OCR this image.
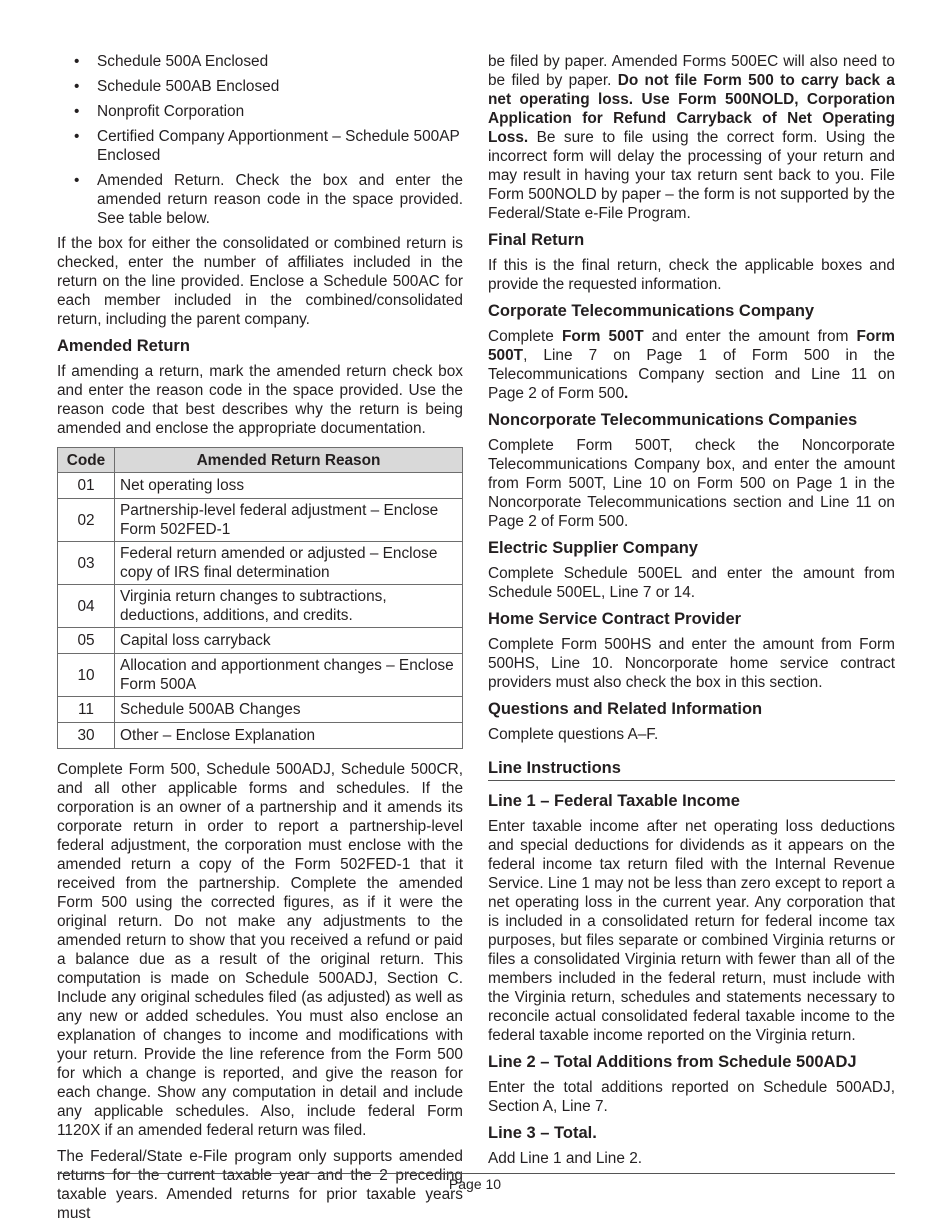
• Schedule 500A Enclosed
• Schedule 500AB Enclosed
• Nonprofit Corporation
• Certified Company Apportionment – Schedule 500AP Enclosed
• Amended Return. Check the box and enter the amended return reason code in the space provided. See table below.

If the box for either the consolidated or combined return is checked, enter the number of affiliates included in the return on the line provided. Enclose a Schedule 500AC for each member included in the combined/consolidated return, including the parent company.

Amended Return

If amending a return, mark the amended return check box and enter the reason code in the space provided. Use the reason code that best describes why the return is being amended and enclose the appropriate documentation.

Code	Amended Return Reason
01	Net operating loss
02	Partnership-level federal adjustment – Enclose Form 502FED-1
03	Federal return amended or adjusted – Enclose copy of IRS final determination
04	Virginia return changes to subtractions, deductions, additions, and credits.
05	Capital loss carryback
10	Allocation and apportionment changes – Enclose Form 500A
11	Schedule 500AB Changes
30	Other – Enclose Explanation

Complete Form 500, Schedule 500ADJ, Schedule 500CR, and all other applicable forms and schedules. If the corporation is an owner of a partnership and it amends its corporate return in order to report a partnership-level federal adjustment, the corporation must enclose with the amended return a copy of the Form 502FED-1 that it received from the partnership. Complete the amended Form 500 using the corrected figures, as if it were the original return. Do not make any adjustments to the amended return to show that you received a refund or paid a balance due as a result of the original return. This computation is made on Schedule 500ADJ, Section C. Include any original schedules filed (as adjusted) as well as any new or added schedules. You must also enclose an explanation of changes to income and modifications with your return. Provide the line reference from the Form 500 for which a change is reported, and give the reason for each change. Show any computation in detail and include any applicable schedules. Also, include federal Form 1120X if an amended federal return was filed.

The Federal/State e-File program only supports amended returns for the current taxable year and the 2 preceding taxable years. Amended returns for prior taxable years must

be filed by paper. Amended Forms 500EC will also need to be filed by paper. Do not file Form 500 to carry back a net operating loss. Use Form 500NOLD, Corporation Application for Refund Carryback of Net Operating Loss. Be sure to file using the correct form. Using the incorrect form will delay the processing of your return and may result in having your tax return sent back to you. File Form 500NOLD by paper – the form is not supported by the Federal/State e-File Program.

Final Return

If this is the final return, check the applicable boxes and provide the requested information.

Corporate Telecommunications Company

Complete Form 500T and enter the amount from Form 500T, Line 7 on Page 1 of Form 500 in the Telecommunications Company section and Line 11 on Page 2 of Form 500.

Noncorporate Telecommunications Companies

Complete Form 500T, check the Noncorporate Telecommunications Company box, and enter the amount from Form 500T, Line 10 on Form 500 on Page 1 in the Noncorporate Telecommunications section and Line 11 on Page 2 of Form 500.

Electric Supplier Company

Complete Schedule 500EL and enter the amount from Schedule 500EL, Line 7 or 14.

Home Service Contract Provider

Complete Form 500HS and enter the amount from Form 500HS, Line 10. Noncorporate home service contract providers must also check the box in this section.

Questions and Related Information

Complete questions A–F.

Line Instructions
Line 1 – Federal Taxable Income

Enter taxable income after net operating loss deductions and special deductions for dividends as it appears on the federal income tax return filed with the Internal Revenue Service. Line 1 may not be less than zero except to report a net operating loss in the current year. Any corporation that is included in a consolidated return for federal income tax purposes, but files separate or combined Virginia returns or files a consolidated Virginia return with fewer than all of the members included in the federal return, must include with the Virginia return, schedules and statements necessary to reconcile actual consolidated federal taxable income to the federal taxable income reported on the Virginia return.

Line 2 – Total Additions from Schedule 500ADJ

Enter the total additions reported on Schedule 500ADJ, Section A, Line 7.

Line 3 – Total.

Add Line 1 and Line 2.

Page 10
